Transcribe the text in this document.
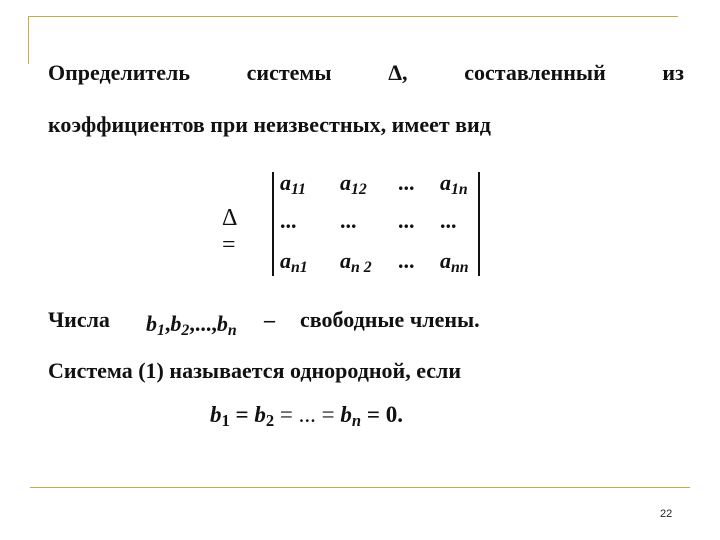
Определитель	системы	Δ,	составленный	из
коэффициентов при неизвестных, имеет вид
Δ =
$a_{11}$ $a_{12}$ ... $a_{1n}$
... ... ... ...
$a_{n1}$ $a_{n 2}$ ... $a_{nn}$
Числа $b_1,b_2,...,b_n$ – свободные члены.
Система (1) называется однородной, если
$b_1 = b_2$ = ... = $b_n = 0$.
22
